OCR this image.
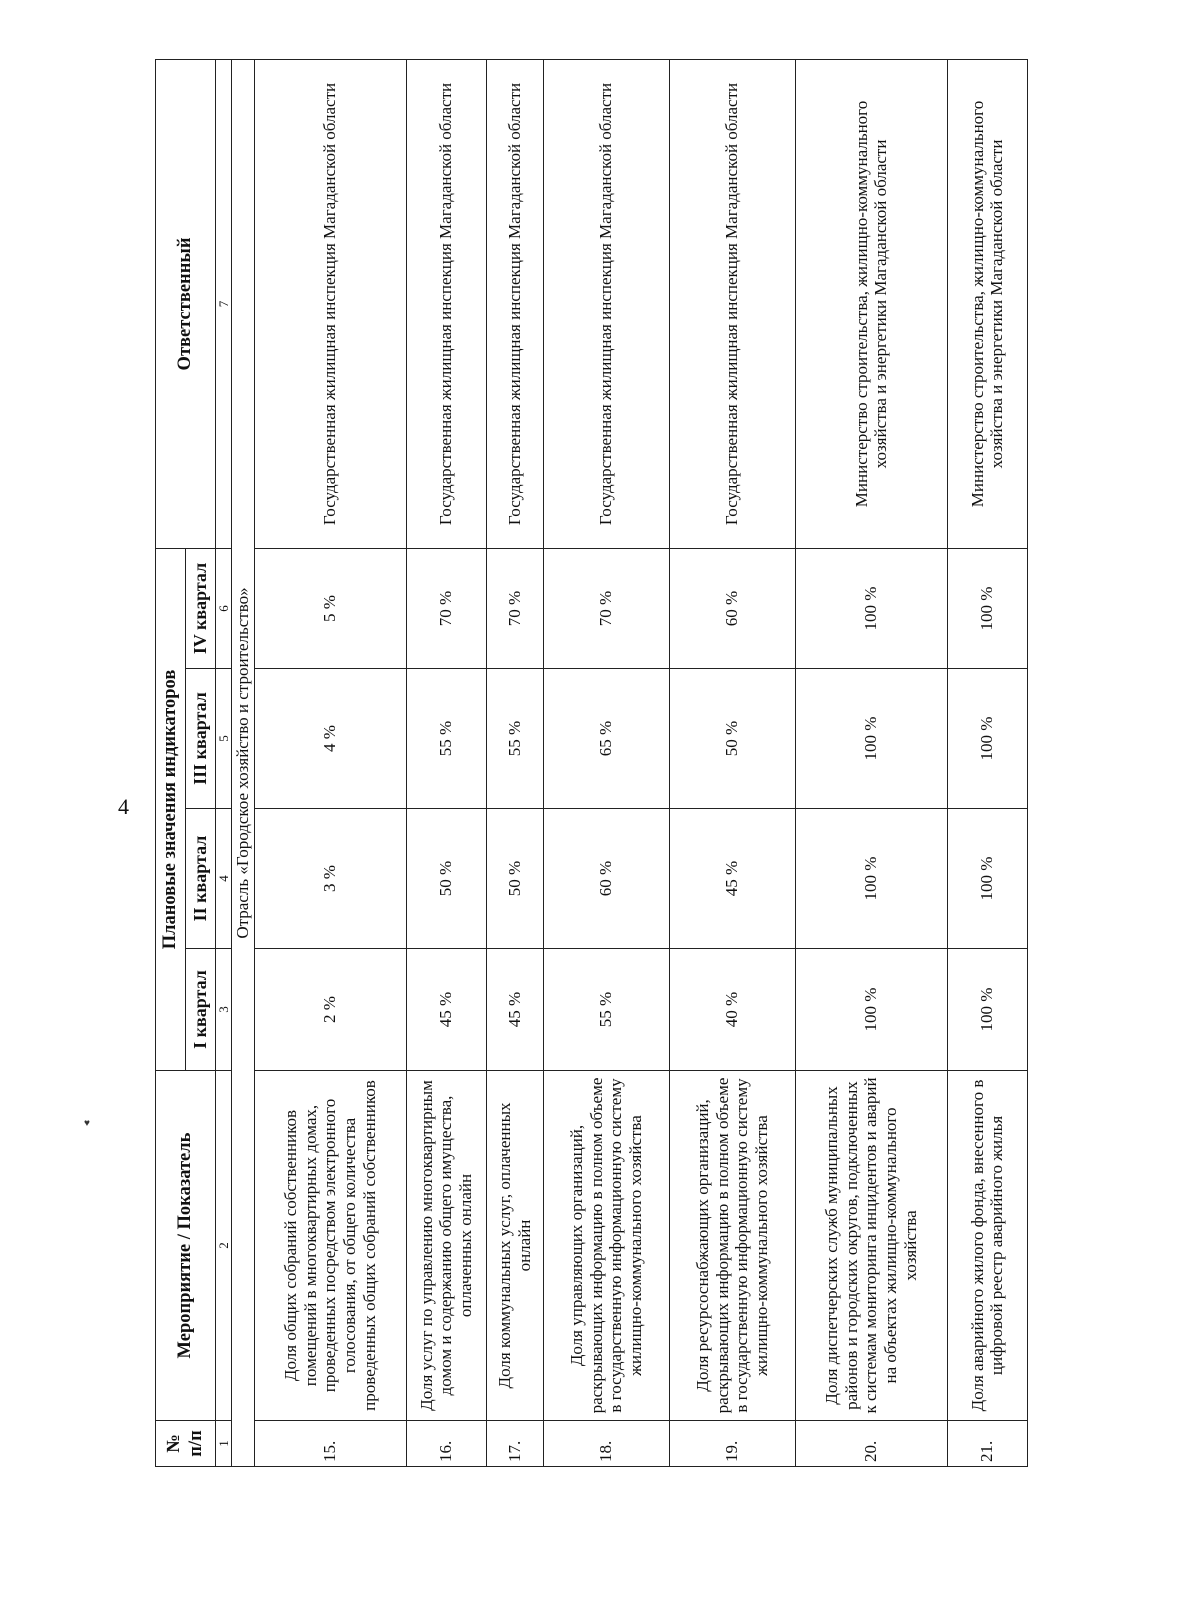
4
♥
№ п/п	Мероприятие / Показатель	Плановые значения индикаторов				Ответственный
		I квартал	II квартал	III квартал	IV квартал	
1	2	3	4	5	6	7
Отрасль «Городское хозяйство и строительство»						
15.	Доля общих собраний собственников помещений в многоквартирных домах, проведенных посредством электронного голосования, от общего количества проведенных общих собраний собственников	2 %	3 %	4 %	5 %	Государственная жилищная инспекция Магаданской области
16.	Доля услуг по управлению многоквартирным домом и содержанию общего имущества, оплаченных онлайн	45 %	50 %	55 %	70 %	Государственная жилищная инспекция Магаданской области
17.	Доля коммунальных услуг, оплаченных онлайн	45 %	50 %	55 %	70 %	Государственная жилищная инспекция Магаданской области
18.	Доля управляющих организаций, раскрывающих информацию в полном объеме в государственную информационную систему жилищно-коммунального хозяйства	55 %	60 %	65 %	70 %	Государственная жилищная инспекция Магаданской области
19.	Доля ресурсоснабжающих организаций, раскрывающих информацию в полном объеме в государственную информационную систему жилищно-коммунального хозяйства	40 %	45 %	50 %	60 %	Государственная жилищная инспекция Магаданской области
20.	Доля диспетчерских служб муниципальных районов и городских округов, подключенных к системам мониторинга инцидентов и аварий на объектах жилищно-коммунального хозяйства	100 %	100 %	100 %	100 %	Министерство строительства, жилищно-коммунального хозяйства и энергетики Магаданской области
21.	Доля аварийного жилого фонда, внесенного в цифровой реестр аварийного жилья	100 %	100 %	100 %	100 %	Министерство строительства, жилищно-коммунального хозяйства и энергетики Магаданской области
